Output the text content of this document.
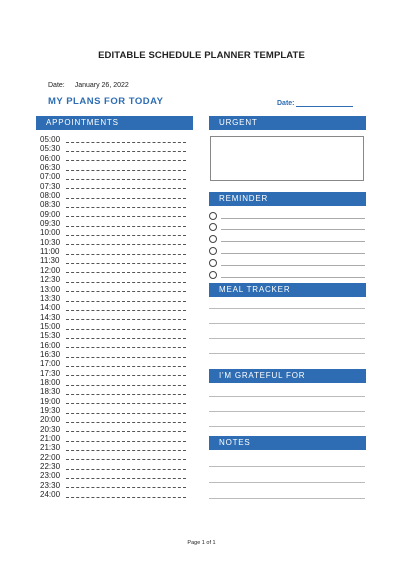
EDITABLE SCHEDULE PLANNER TEMPLATE
Date: January 26, 2022
MY PLANS FOR TODAY	Date:
APPOINTMENTS
05:00
05:30
06:00
06:30
07:00
07:30
08:00
08:30
09:00
09:30
10:00
10:30
11:00
11:30
12:00
12:30
13:00
13:30
14:00
14:30
15:00
15:30
16:00
16:30
17:00
17:30
18:00
18:30
19:00
19:30
20:00
20:30
21:00
21:30
22:00
22:30
23:00
23:30
24:00
URGENT
REMINDER
MEAL TRACKER
I'M GRATEFUL FOR
NOTES
Page 1 of 1
